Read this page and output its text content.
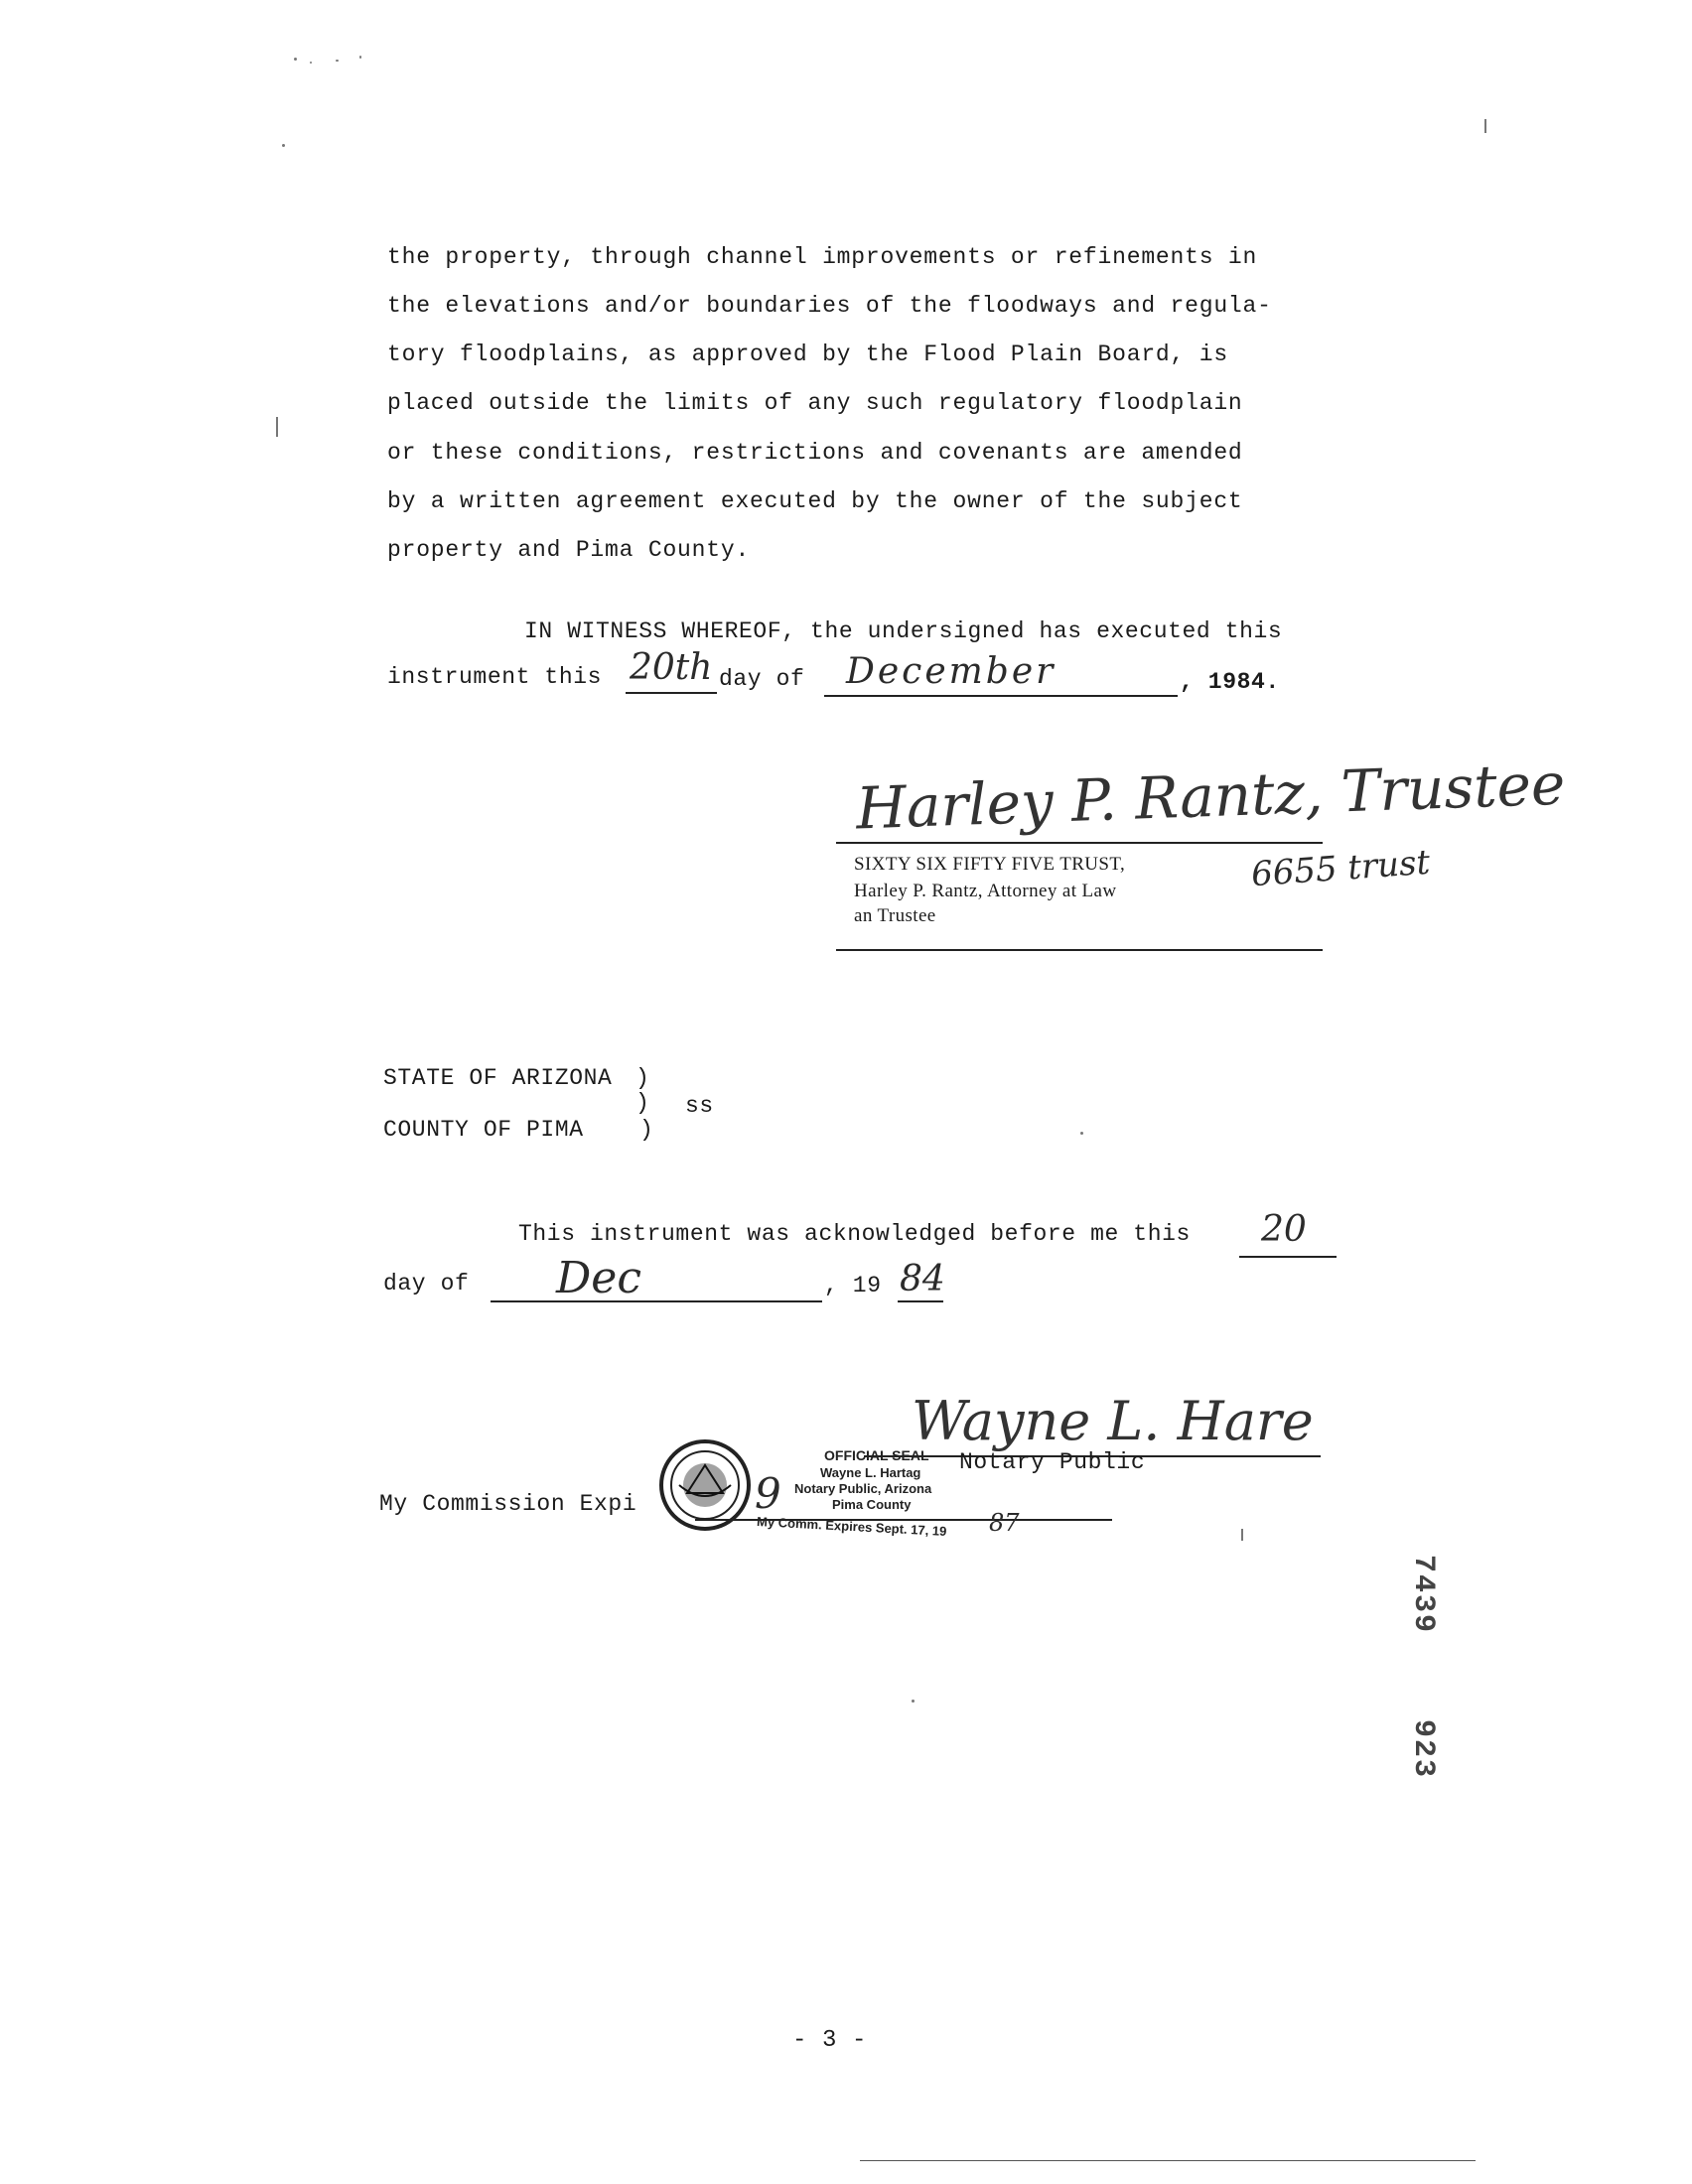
the property, through channel improvements or refinements in
the elevations and/or boundaries of the floodways and regula-
tory floodplains, as approved by the Flood Plain Board, is
placed outside the limits of any such regulatory floodplain
or these conditions, restrictions and covenants are amended
by a written agreement executed by the owner of the subject
property and Pima County.
IN WITNESS WHEREOF, the undersigned has executed this
instrument this 20th day of December	, 1984.
Harley P. Rantz, Trustee
SIXTY SIX FIFTY FIVE TRUST,	6655 trust
Harley P. Rantz, Attorney at Law
an Trustee
STATE OF ARIZONA )
) ss
COUNTY OF PIMA )
This instrument was acknowledged before me this 20
day of Dec	, 19 84
Wayne L. Hare
Notary Public
My Commission Expi
OFFICIAL SEAL
Wayne L. Hartag
Notary Public, Arizona
Pima County
My Comm. Expires Sept. 17, 19 87
9
7439
923
- 3 -
